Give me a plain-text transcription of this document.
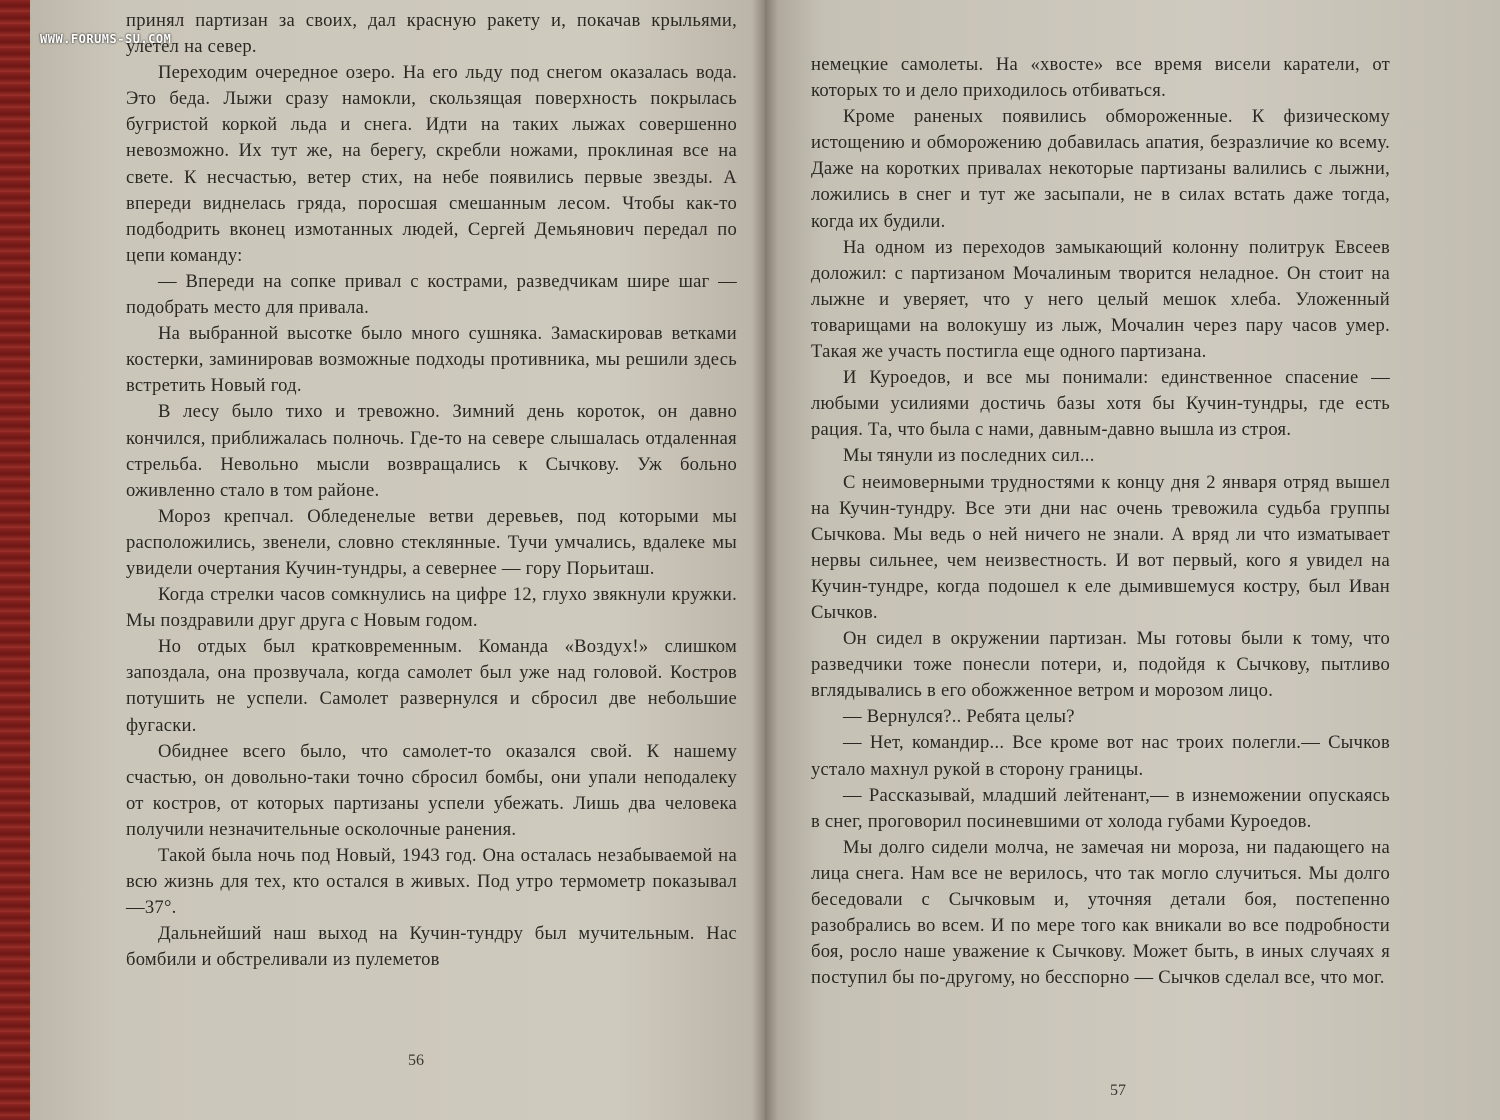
принял партизан за своих, дал красную ракету и, покачав крыльями, улетел на север.

Переходим очередное озеро. На его льду под снегом оказалась вода. Это беда. Лыжи сразу намокли, скользящая поверхность покрылась бугристой коркой льда и снега. Идти на таких лыжах совершенно невозможно. Их тут же, на берегу, скребли ножами, проклиная все на свете. К несчастью, ветер стих, на небе появились первые звезды. А впереди виднелась гряда, поросшая смешанным лесом. Чтобы как-то подбодрить вконец измотанных людей, Сергей Демьянович передал по цепи команду:

— Впереди на сопке привал с кострами, разведчикам шире шаг — подобрать место для привала.

На выбранной высотке было много сушняка. Замаскировав ветками костерки, заминировав возможные подходы противника, мы решили здесь встретить Новый год.

В лесу было тихо и тревожно. Зимний день короток, он давно кончился, приближалась полночь. Где-то на севере слышалась отдаленная стрельба. Невольно мысли возвращались к Сычкову. Уж больно оживленно стало в том районе.

Мороз крепчал. Обледенелые ветви деревьев, под которыми мы расположились, звенели, словно стеклянные. Тучи умчались, вдалеке мы увидели очертания Кучин-тундры, а севернее — гору Порьиташ.

Когда стрелки часов сомкнулись на цифре 12, глухо звякнули кружки. Мы поздравили друг друга с Новым годом.

Но отдых был кратковременным. Команда «Воздух!» слишком запоздала, она прозвучала, когда самолет был уже над головой. Костров потушить не успели. Самолет развернулся и сбросил две небольшие фугаски.

Обиднее всего было, что самолет-то оказался свой. К нашему счастью, он довольно-таки точно сбросил бомбы, они упали неподалеку от костров, от которых партизаны успели убежать. Лишь два человека получили незначительные осколочные ранения.

Такой была ночь под Новый, 1943 год. Она осталась незабываемой на всю жизнь для тех, кто остался в живых. Под утро термометр показывал —37°.

Дальнейший наш выход на Кучин-тундру был мучительным. Нас бомбили и обстреливали из пулеметов

56

немецкие самолеты. На «хвосте» все время висели каратели, от которых то и дело приходилось отбиваться.

Кроме раненых появились обмороженные. К физическому истощению и обморожению добавилась апатия, безразличие ко всему. Даже на коротких привалах некоторые партизаны валились с лыжни, ложились в снег и тут же засыпали, не в силах встать даже тогда, когда их будили.

На одном из переходов замыкающий колонну политрук Евсеев доложил: с партизаном Мочалиным творится неладное. Он стоит на лыжне и уверяет, что у него целый мешок хлеба. Уложенный товарищами на волокушу из лыж, Мочалин через пару часов умер. Такая же участь постигла еще одного партизана.

И Куроедов, и все мы понимали: единственное спасение — любыми усилиями достичь базы хотя бы Кучин-тундры, где есть рация. Та, что была с нами, давным-давно вышла из строя.

Мы тянули из последних сил...

С неимоверными трудностями к концу дня 2 января отряд вышел на Кучин-тундру. Все эти дни нас очень тревожила судьба группы Сычкова. Мы ведь о ней ничего не знали. А вряд ли что изматывает нервы сильнее, чем неизвестность. И вот первый, кого я увидел на Кучин-тундре, когда подошел к еле дымившемуся костру, был Иван Сычков.

Он сидел в окружении партизан. Мы готовы были к тому, что разведчики тоже понесли потери, и, подойдя к Сычкову, пытливо вглядывались в его обожженное ветром и морозом лицо.

— Вернулся?.. Ребята целы?

— Нет, командир... Все кроме вот нас троих полегли.— Сычков устало махнул рукой в сторону границы.

— Рассказывай, младший лейтенант,— в изнеможении опускаясь в снег, проговорил посиневшими от холода губами Куроедов.

Мы долго сидели молча, не замечая ни мороза, ни падающего на лица снега. Нам все не верилось, что так могло случиться. Мы долго беседовали с Сычковым и, уточняя детали боя, постепенно разобрались во всем. И по мере того как вникали во все подробности боя, росло наше уважение к Сычкову. Может быть, в иных случаях я поступил бы по-другому, но бесспорно — Сычков сделал все, что мог.

57
WWW.FORUMS-SU.COM
